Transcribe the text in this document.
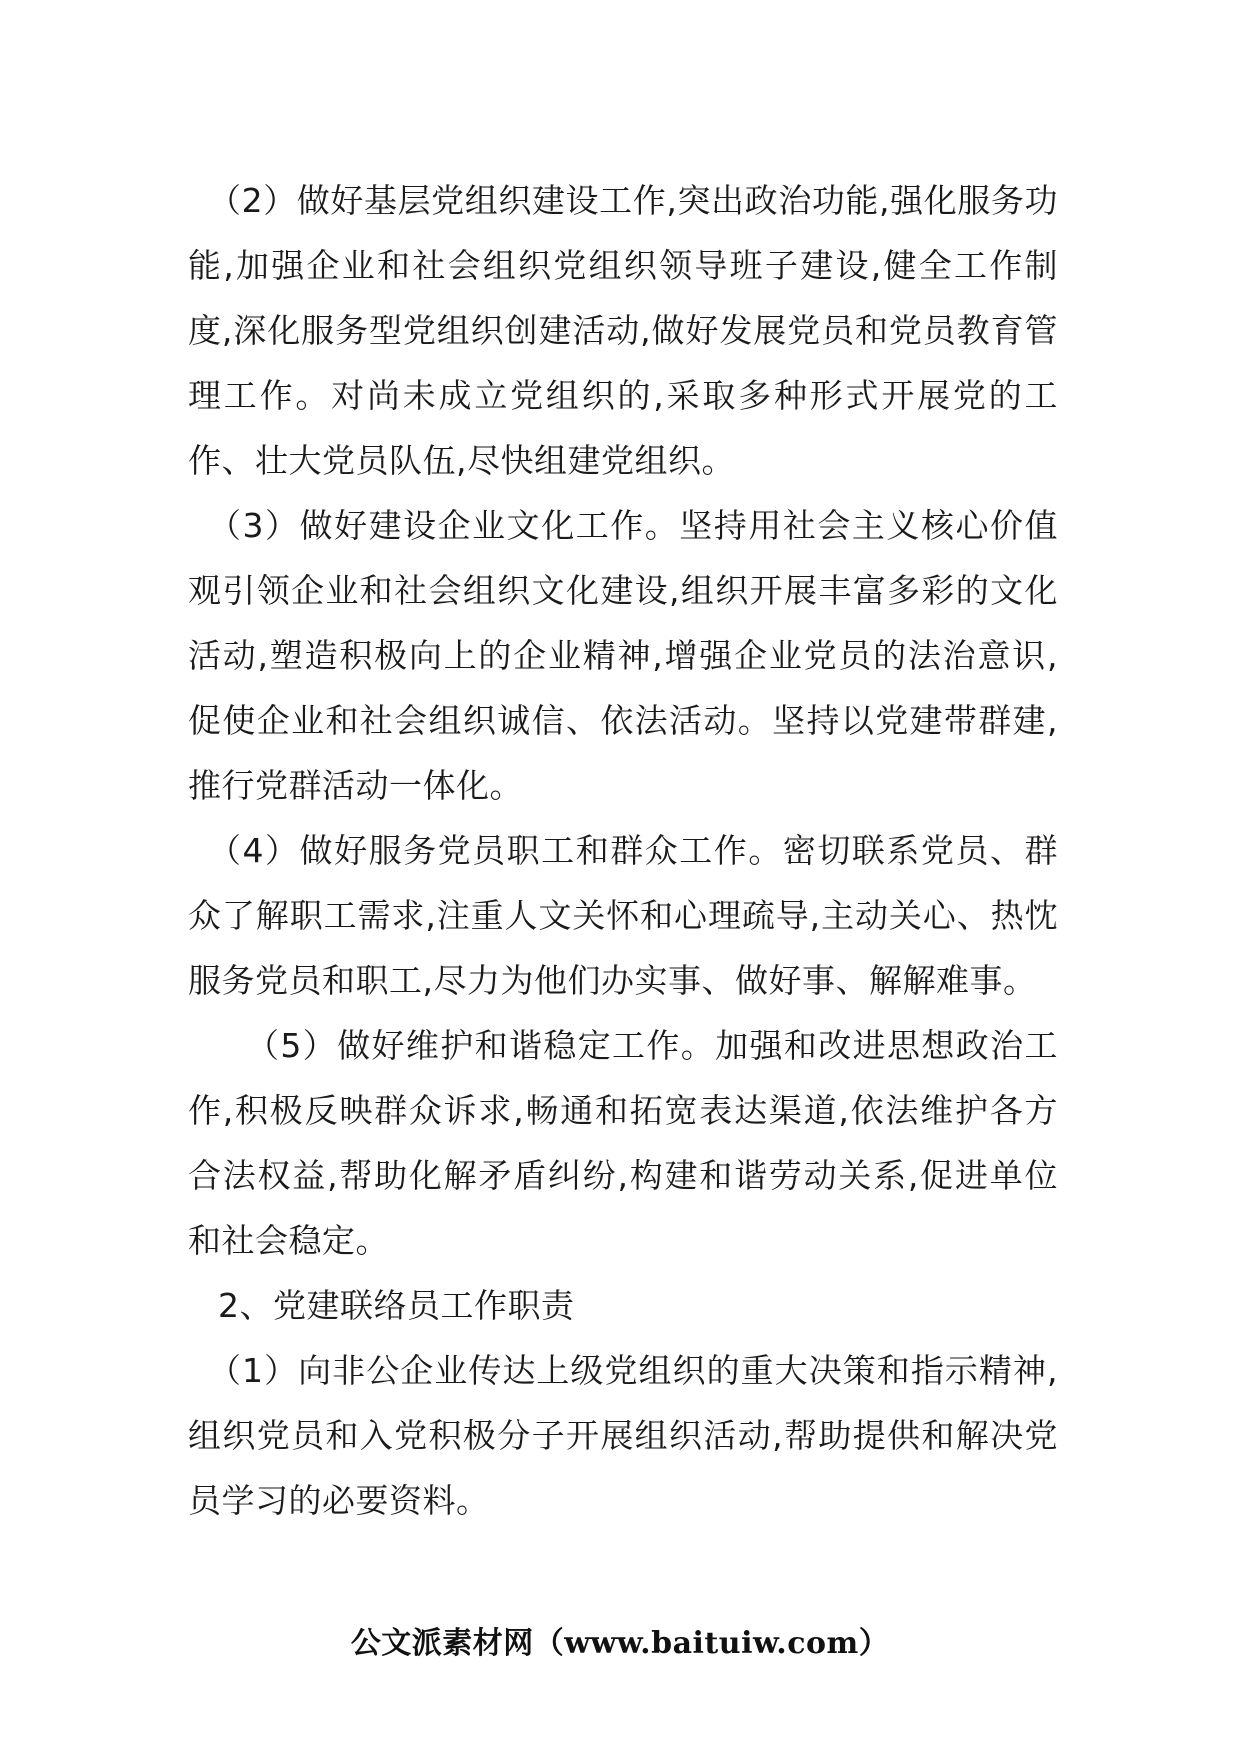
（2）做好基层党组织建设工作,突出政治功能,强化服务功能,加强企业和社会组织党组织领导班子建设,健全工作制度,深化服务型党组织创建活动,做好发展党员和党员教育管理工作。对尚未成立党组织的,采取多种形式开展党的工作、壮大党员队伍,尽快组建党组织。

（3）做好建设企业文化工作。坚持用社会主义核心价值观引领企业和社会组织文化建设,组织开展丰富多彩的文化活动,塑造积极向上的企业精神,增强企业党员的法治意识,促使企业和社会组织诚信、依法活动。坚持以党建带群建,推行党群活动一体化。

（4）做好服务党员职工和群众工作。密切联系党员、群众了解职工需求,注重人文关怀和心理疏导,主动关心、热忱服务党员和职工,尽力为他们办实事、做好事、解解难事。

（5）做好维护和谐稳定工作。加强和改进思想政治工作,积极反映群众诉求,畅通和拓宽表达渠道,依法维护各方合法权益,帮助化解矛盾纠纷,构建和谐劳动关系,促进单位和社会稳定。

2、党建联络员工作职责

（1）向非公企业传达上级党组织的重大决策和指示精神,组织党员和入党积极分子开展组织活动,帮助提供和解决党员学习的必要资料。

公文派素材网（www.baituiw.com）
